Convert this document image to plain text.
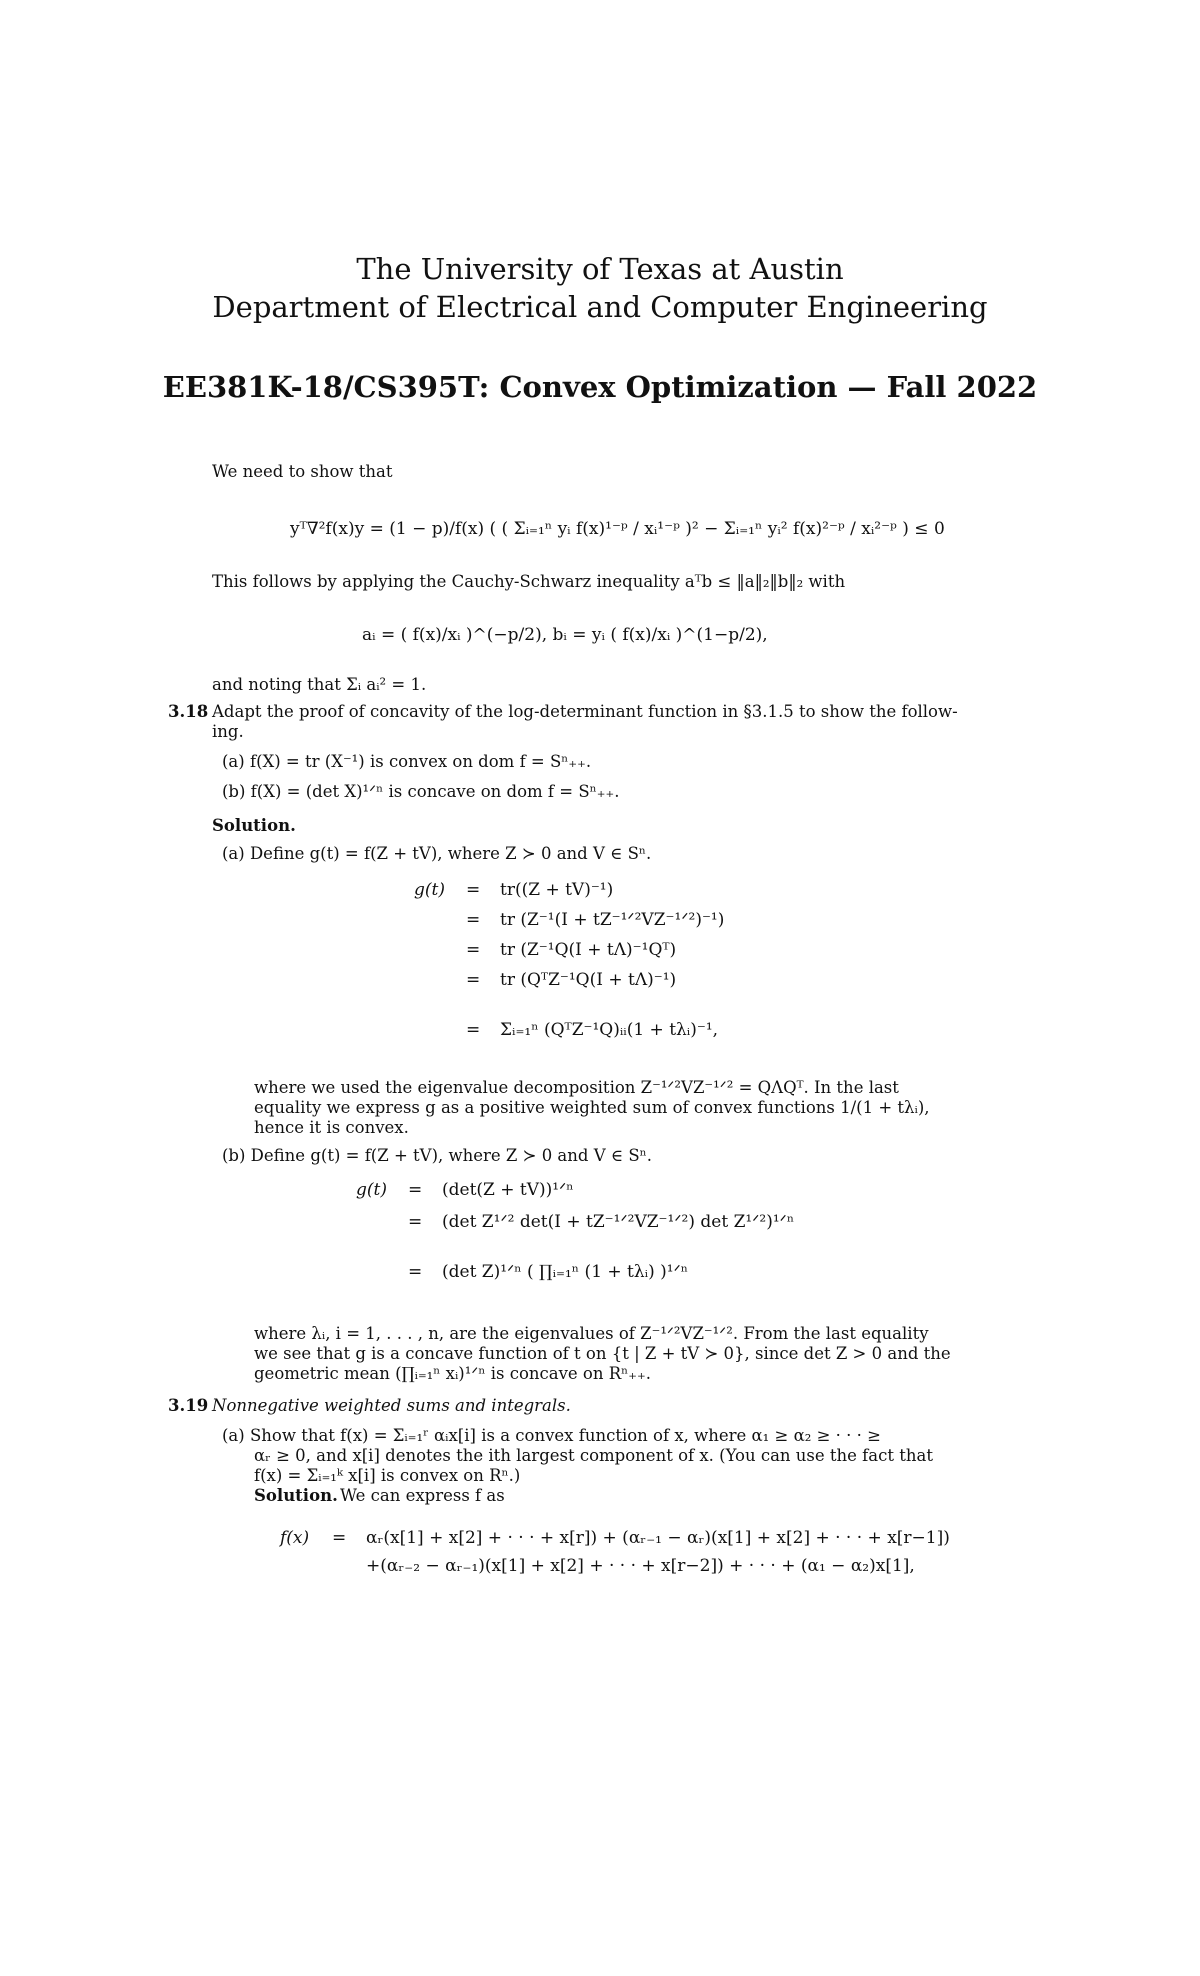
The University of Texas at Austin
Department of Electrical and Computer Engineering
EE381K-18/CS395T: Convex Optimization — Fall 2022
We need to show that
yᵀ∇²f(x)y = (1 − p)/f(x) ( ( Σᵢ₌₁ⁿ yᵢ f(x)¹⁻ᵖ / xᵢ¹⁻ᵖ )² − Σᵢ₌₁ⁿ yᵢ² f(x)²⁻ᵖ / xᵢ²⁻ᵖ ) ≤ 0
This follows by applying the Cauchy-Schwarz inequality aᵀb ≤ ‖a‖₂‖b‖₂ with
aᵢ = ( f(x)/xᵢ )^(−p/2), bᵢ = yᵢ ( f(x)/xᵢ )^(1−p/2),
and noting that Σᵢ aᵢ² = 1.
3.18 Adapt the proof of concavity of the log-determinant function in §3.1.5 to show the follow-
ing.
(a) f(X) = tr (X⁻¹) is convex on dom f = Sⁿ₊₊.
(b) f(X) = (det X)¹ᐟⁿ is concave on dom f = Sⁿ₊₊.
Solution.
(a) Define g(t) = f(Z + tV), where Z ≻ 0 and V ∈ Sⁿ.
g(t) =
=
=
=
=
tr((Z + tV)⁻¹)
tr (Z⁻¹(I + tZ⁻¹ᐟ²VZ⁻¹ᐟ²)⁻¹)
tr (Z⁻¹Q(I + tΛ)⁻¹Qᵀ)
tr (QᵀZ⁻¹Q(I + tΛ)⁻¹)
Σᵢ₌₁ⁿ (QᵀZ⁻¹Q)ᵢᵢ(1 + tλᵢ)⁻¹,
where we used the eigenvalue decomposition Z⁻¹ᐟ²VZ⁻¹ᐟ² = QΛQᵀ. In the last
equality we express g as a positive weighted sum of convex functions 1/(1 + tλᵢ),
hence it is convex.
(b) Define g(t) = f(Z + tV), where Z ≻ 0 and V ∈ Sⁿ.
g(t) =
=
=
(det(Z + tV))¹ᐟⁿ
(det Z¹ᐟ² det(I + tZ⁻¹ᐟ²VZ⁻¹ᐟ²) det Z¹ᐟ²)¹ᐟⁿ
(det Z)¹ᐟⁿ ( ∏ᵢ₌₁ⁿ (1 + tλᵢ) )¹ᐟⁿ
where λᵢ, i = 1, . . . , n, are the eigenvalues of Z⁻¹ᐟ²VZ⁻¹ᐟ². From the last equality
we see that g is a concave function of t on {t | Z + tV ≻ 0}, since det Z > 0 and the
geometric mean (∏ᵢ₌₁ⁿ xᵢ)¹ᐟⁿ is concave on Rⁿ₊₊.
3.19 Nonnegative weighted sums and integrals.
(a) Show that f(x) = Σᵢ₌₁ʳ αᵢx[i] is a convex function of x, where α₁ ≥ α₂ ≥ · · · ≥
αᵣ ≥ 0, and x[i] denotes the ith largest component of x. (You can use the fact that
f(x) = Σᵢ₌₁ᵏ x[i] is convex on Rⁿ.)
Solution. We can express f as
f(x) = αᵣ(x[1] + x[2] + · · · + x[r]) + (αᵣ₋₁ − αᵣ)(x[1] + x[2] + · · · + x[r−1])
+(αᵣ₋₂ − αᵣ₋₁)(x[1] + x[2] + · · · + x[r−2]) + · · · + (α₁ − α₂)x[1],
